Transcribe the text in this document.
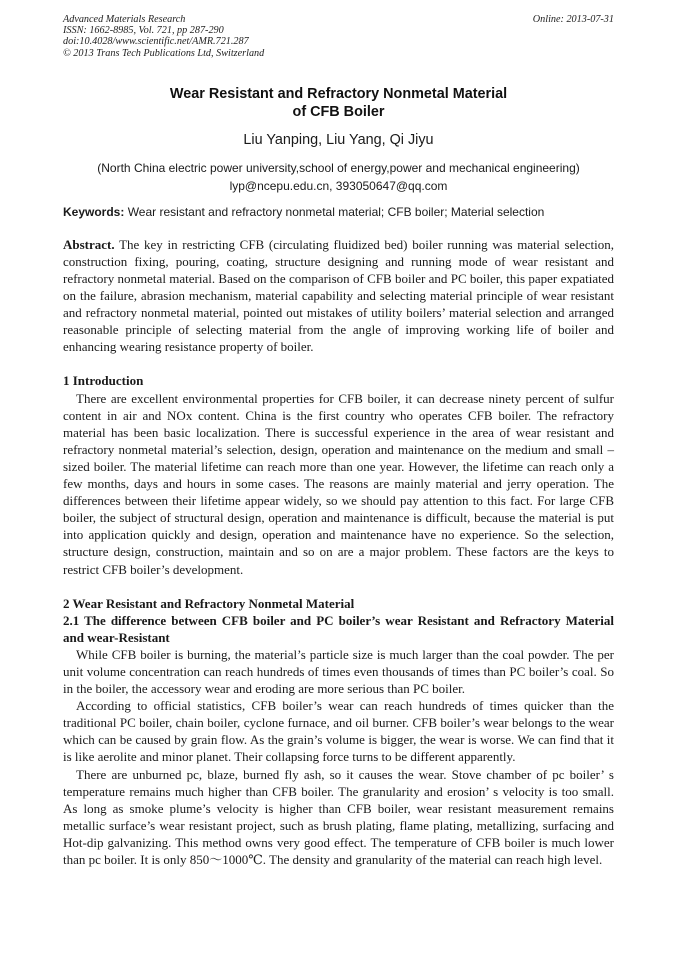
Advanced Materials Research
ISSN: 1662-8985, Vol. 721, pp 287-290
doi:10.4028/www.scientific.net/AMR.721.287
© 2013 Trans Tech Publications Ltd, Switzerland
Online: 2013-07-31
Wear Resistant and Refractory Nonmetal Material
of CFB Boiler
Liu Yanping, Liu Yang, Qi Jiyu
(North China electric power university,school of energy,power and mechanical engineering)
lyp@ncepu.edu.cn, 393050647@qq.com
Keywords: Wear resistant and refractory nonmetal material; CFB boiler; Material selection
Abstract. The key in restricting CFB (circulating fluidized bed) boiler running was material selection, construction fixing, pouring, coating, structure designing and running mode of wear resistant and refractory nonmetal material. Based on the comparison of CFB boiler and PC boiler, this paper expatiated on the failure, abrasion mechanism, material capability and selecting material principle of wear resistant and refractory nonmetal material, pointed out mistakes of utility boilers’ material selection and arranged reasonable principle of selecting material from the angle of improving working life of boiler and enhancing wearing resistance property of boiler.
1 Introduction

There are excellent environmental properties for CFB boiler, it can decrease ninety percent of sulfur content in air and NOx content. China is the first country who operates CFB boiler. The refractory material has been basic localization. There is successful experience in the area of wear resistant and refractory nonmetal material’s selection, design, operation and maintenance on the medium and small – sized boiler. The material lifetime can reach more than one year. However, the lifetime can reach only a few months, days and hours in some cases. The reasons are mainly material and jerry operation. The differences between their lifetime appear widely, so we should pay attention to this fact. For large CFB boiler, the subject of structural design, operation and maintenance is difficult, because the material is put into application quickly and design, operation and maintenance have no experience. So the selection, structure design, construction, maintain and so on are a major problem. These factors are the keys to restrict CFB boiler’s development.

2 Wear Resistant and Refractory Nonmetal Material
2.1 The difference between CFB boiler and PC boiler’s wear Resistant and Refractory Material and wear-Resistant

While CFB boiler is burning, the material’s particle size is much larger than the coal powder. The per unit volume concentration can reach hundreds of times even thousands of times than PC boiler’s coal. So in the boiler, the accessory wear and eroding are more serious than PC boiler.

According to official statistics, CFB boiler’s wear can reach hundreds of times quicker than the traditional PC boiler, chain boiler, cyclone furnace, and oil burner. CFB boiler’s wear belongs to the wear which can be caused by grain flow. As the grain’s volume is bigger, the wear is worse. We can find that it is like aerolite and minor planet. Their collapsing force turns to be different apparently.

There are unburned pc, blaze, burned fly ash, so it causes the wear. Stove chamber of pc boiler’ s temperature remains much higher than CFB boiler. The granularity and erosion’ s velocity is too small. As long as smoke plume’s velocity is higher than CFB boiler, wear resistant measurement remains metallic surface’s wear resistant project, such as brush plating, flame plating, metallizing, surfacing and Hot-dip galvanizing. This method owns very good effect. The temperature of CFB boiler is much lower than pc boiler. It is only 850～1000℃. The density and granularity of the material can reach high level.
